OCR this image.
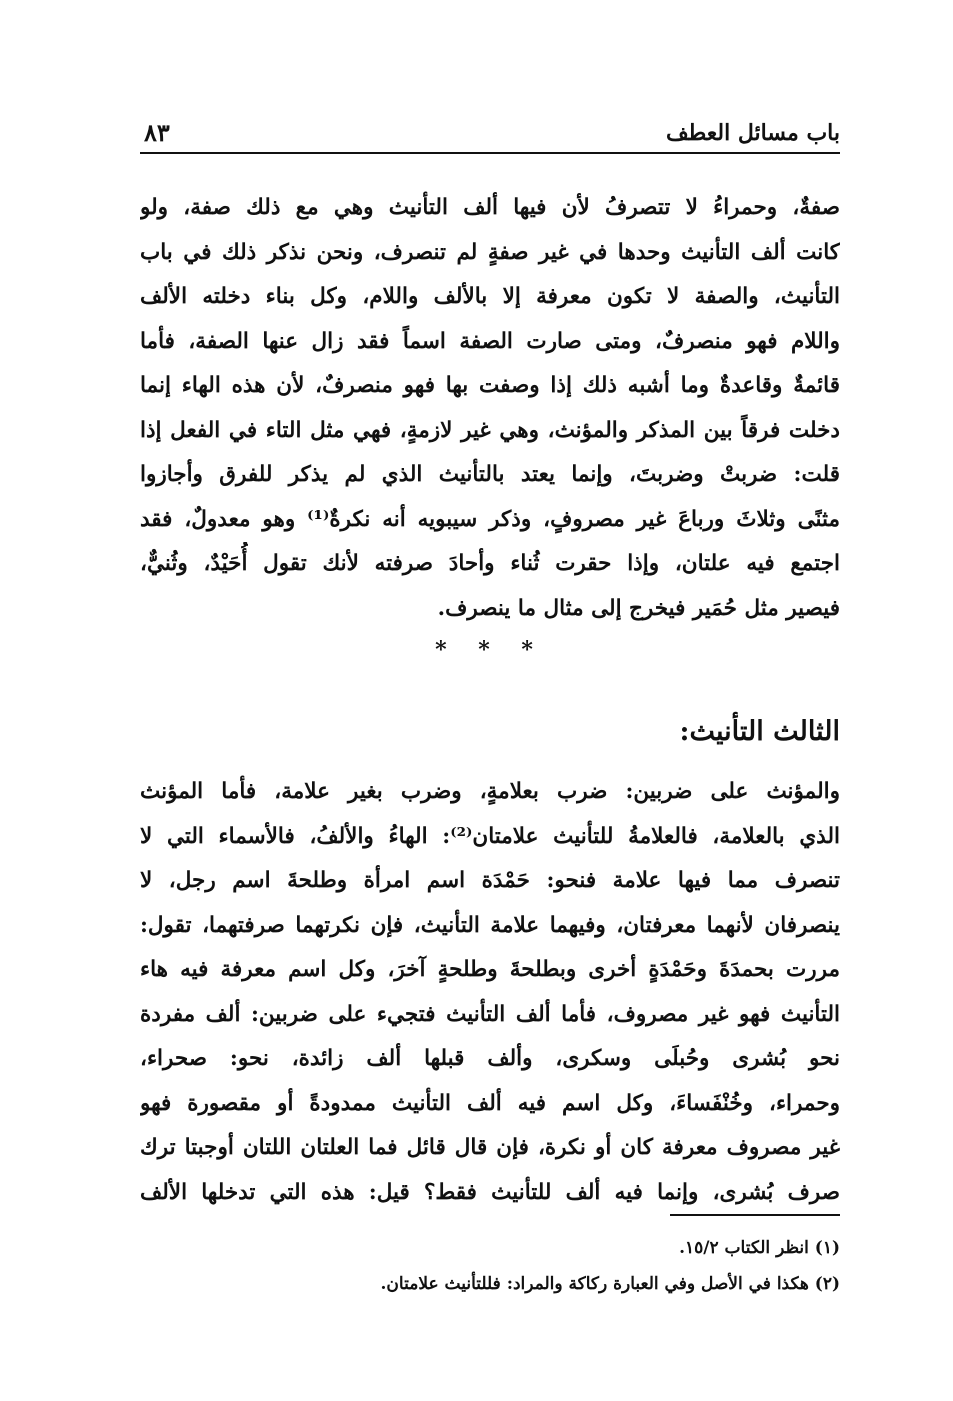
باب مسائل العطف
٨٣
صفةٌ، وحمراءُ لا تتصرفُ لأن فيها ألف التأنيث وهي مع ذلك صفة، ولو
كانت ألف التأنيث وحدها في غير صفةٍ لم تنصرف، ونحن نذكر ذلك في باب
التأنيث، والصفة لا تكون معرفة إلا بالألف واللام، وكل بناء دخلته الألف
واللام فهو منصرفٌ، ومتى صارت الصفة اسماً فقد زال عنها الصفة، فأما
قائمةٌ وقاعدةٌ وما أشبه ذلك إذا وصفت بها فهو منصرفٌ، لأن هذه الهاء إنما
دخلت فرقاً بين المذكر والمؤنث، وهي غير لازمةٍ، فهي مثل التاء في الفعل إذا
قلت: ضربتْ وضربتَ، وإنما يعتد بالتأنيث الذي لم يذكر للفرق وأجازوا
مثنًى وثلاثَ ورباعَ غير مصروفٍ، وذكر سيبويه أنه نكرةٌ⁽¹⁾ وهو معدولٌ، فقد
اجتمع فيه علتان، وإذا حقرت ثُناء وأحادَ صرفته لأنك تقول أُحَيْدٌ، وثُنيٌّ،
فيصير مثل حُمَير فيخرج إلى مثال ما ينصرف.
* * *
الثالث التأنيث:
والمؤنث على ضربين: ضرب بعلامةٍ، وضرب بغير علامة، فأما المؤنث
الذي بالعلامة، فالعلامةُ للتأنيث علامتان⁽²⁾: الهاءُ والألفُ، فالأسماء التي لا
تنصرف مما فيها علامة فنحو: حَمْدَة اسم امرأة وطلحةَ اسم رجل، لا
ينصرفان لأنهما معرفتان، وفيهما علامة التأنيث، فإن نكرتهما صرفتهما، تقول:
مررت بحمدَةَ وحَمْدَةٍ أخرى وبطلحةَ وطلحةٍ آخرَ، وكل اسم معرفة فيه هاء
التأنيث فهو غير مصروف، فأما ألف التأنيث فتجيء على ضربين: ألف مفردة
نحو بُشرى وحُبلَى وسكرى، وألف قبلها ألف زائدة، نحو: صحراء،
وحمراء، وخُنْفَساءَ، وكل اسم فيه ألف التأنيث ممدودةً أو مقصورة فهو
غير مصروف معرفة كان أو نكرة، فإن قال قائل فما العلتان اللتان أوجبتا ترك
صرف بُشرى، وإنما فيه ألف للتأنيث فقط؟ قيل: هذه التي تدخلها الألف
(١) انظر الكتاب ١٥/٢.
(٢) هكذا في الأصل وفي العبارة ركاكة والمراد: فللتأنيث علامتان.
